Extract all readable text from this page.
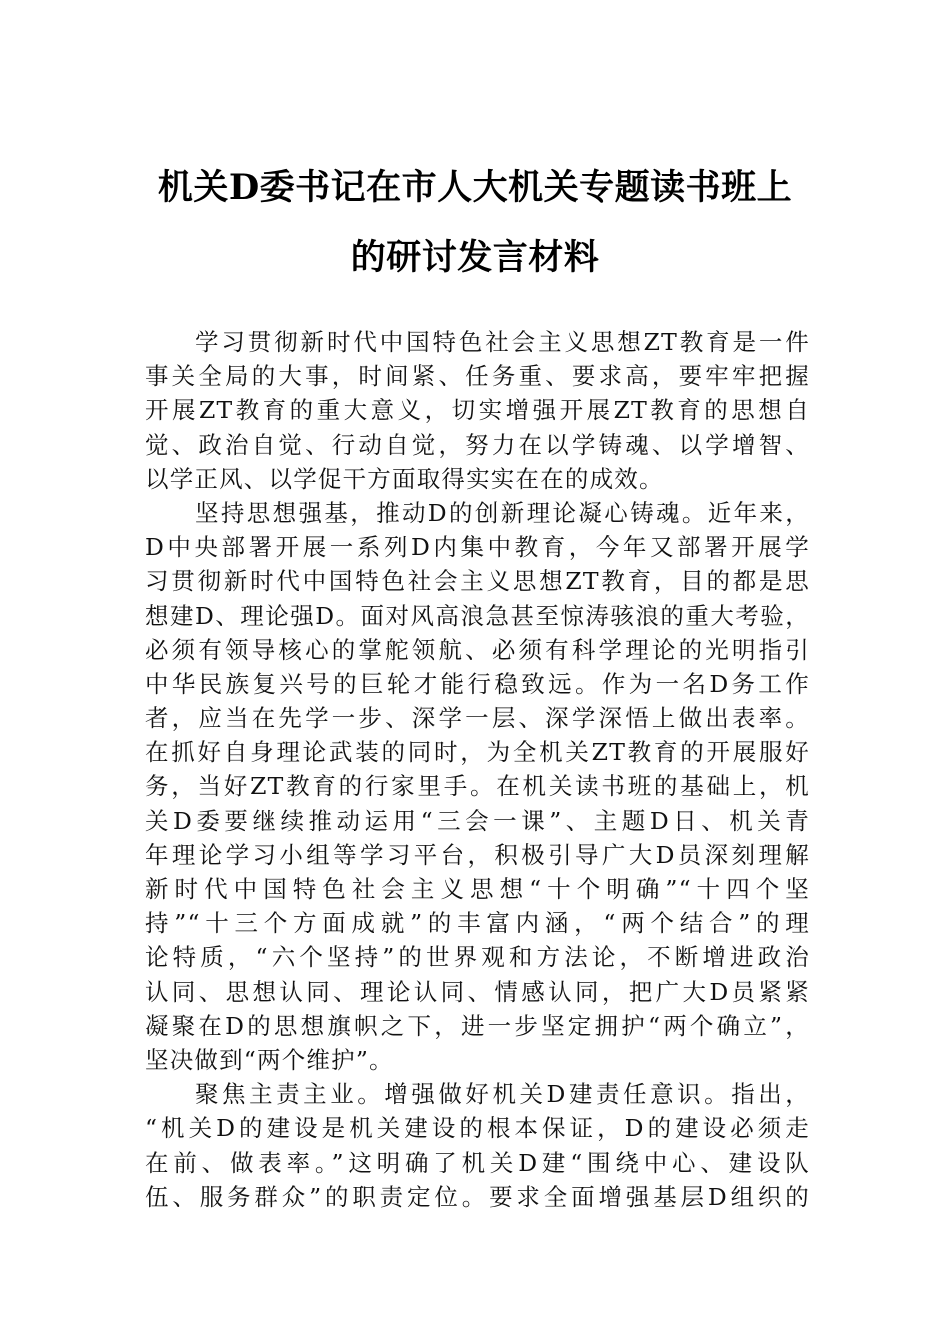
机关D委书记在市人大机关专题读书班上
的研讨发言材料
学习贯彻新时代中国特色社会主义思想ZT教育是一件
事关全局的大事，时间紧、任务重、要求高，要牢牢把握
开展ZT教育的重大意义，切实增强开展ZT教育的思想自
觉、政治自觉、行动自觉，努力在以学铸魂、以学增智、
以学正风、以学促干方面取得实实在在的成效。
坚持思想强基，推动D的创新理论凝心铸魂。近年来，
D中央部署开展一系列D内集中教育，今年又部署开展学
习贯彻新时代中国特色社会主义思想ZT教育，目的都是思
想建D、理论强D。面对风高浪急甚至惊涛骇浪的重大考验，
必须有领导核心的掌舵领航、必须有科学理论的光明指引
中华民族复兴号的巨轮才能行稳致远。作为一名D务工作
者，应当在先学一步、深学一层、深学深悟上做出表率。
在抓好自身理论武装的同时，为全机关ZT教育的开展服好
务，当好ZT教育的行家里手。在机关读书班的基础上，机
关D委要继续推动运用“三会一课”、主题D日、机关青
年理论学习小组等学习平台，积极引导广大D员深刻理解
新时代中国特色社会主义思想“十个明确”“十四个坚
持”“十三个方面成就”的丰富内涵，“两个结合”的理
论特质，“六个坚持”的世界观和方法论，不断增进政治
认同、思想认同、理论认同、情感认同，把广大D员紧紧
凝聚在D的思想旗帜之下，进一步坚定拥护“两个确立”，
坚决做到“两个维护”。
聚焦主责主业。增强做好机关D建责任意识。指出，
“机关D的建设是机关建设的根本保证，D的建设必须走
在前、做表率。”这明确了机关D建“围绕中心、建设队
伍、服务群众”的职责定位。要求全面增强基层D组织的
